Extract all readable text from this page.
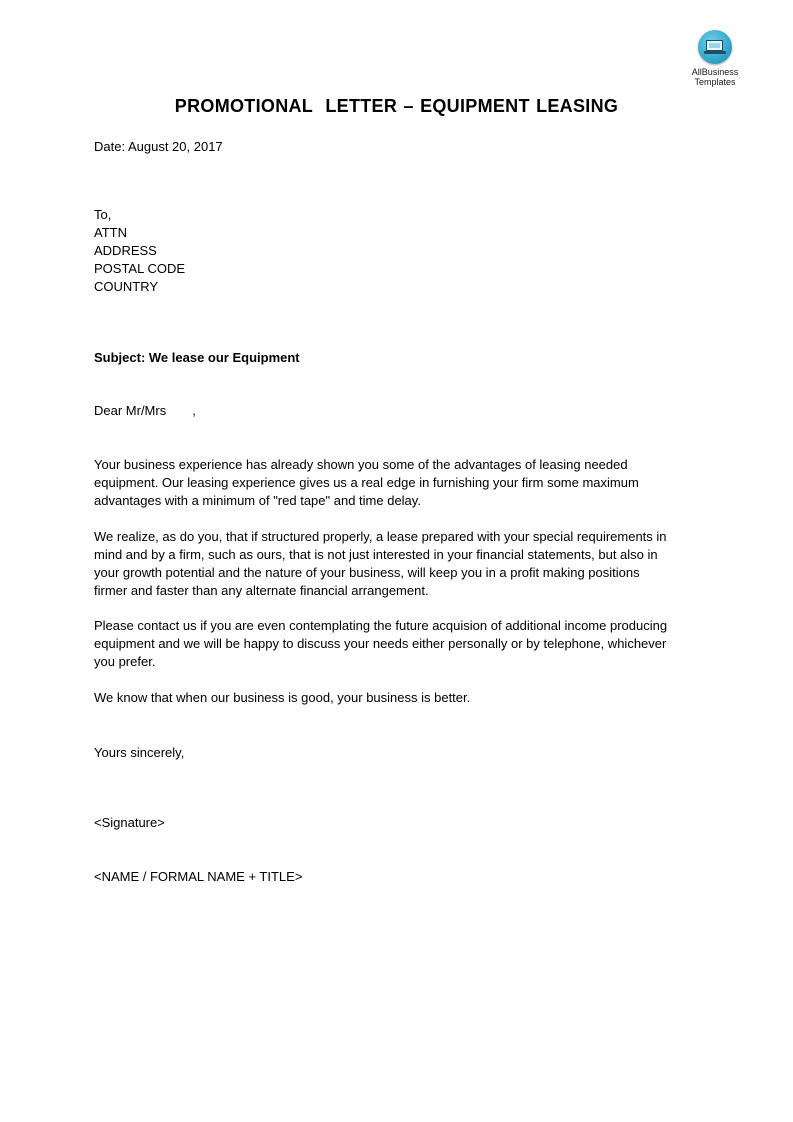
AllBusiness
Templates
PROMOTIONAL  LETTER – EQUIPMENT LEASING
Date: August 20, 2017
To,
ATTN
ADDRESS
POSTAL CODE
COUNTRY
Subject: We lease our Equipment
Dear Mr/Mrs ,
Your business experience has already shown you some of the advantages of leasing needed
equipment. Our leasing experience gives us a real edge in furnishing your firm some maximum
advantages with a minimum of "red tape" and time delay.
We realize, as do you, that if structured properly, a lease prepared with your special requirements in
mind and by a firm, such as ours, that is not just interested in your financial statements, but also in
your growth potential and the nature of your business, will keep you in a profit making positions
firmer and faster than any alternate financial arrangement.
Please contact us if you are even contemplating the future acquision of additional income producing
equipment and we will be happy to discuss your needs either personally or by telephone, whichever
you prefer.
We know that when our business is good, your business is better.
Yours sincerely,
<Signature>
<NAME / FORMAL NAME + TITLE>
